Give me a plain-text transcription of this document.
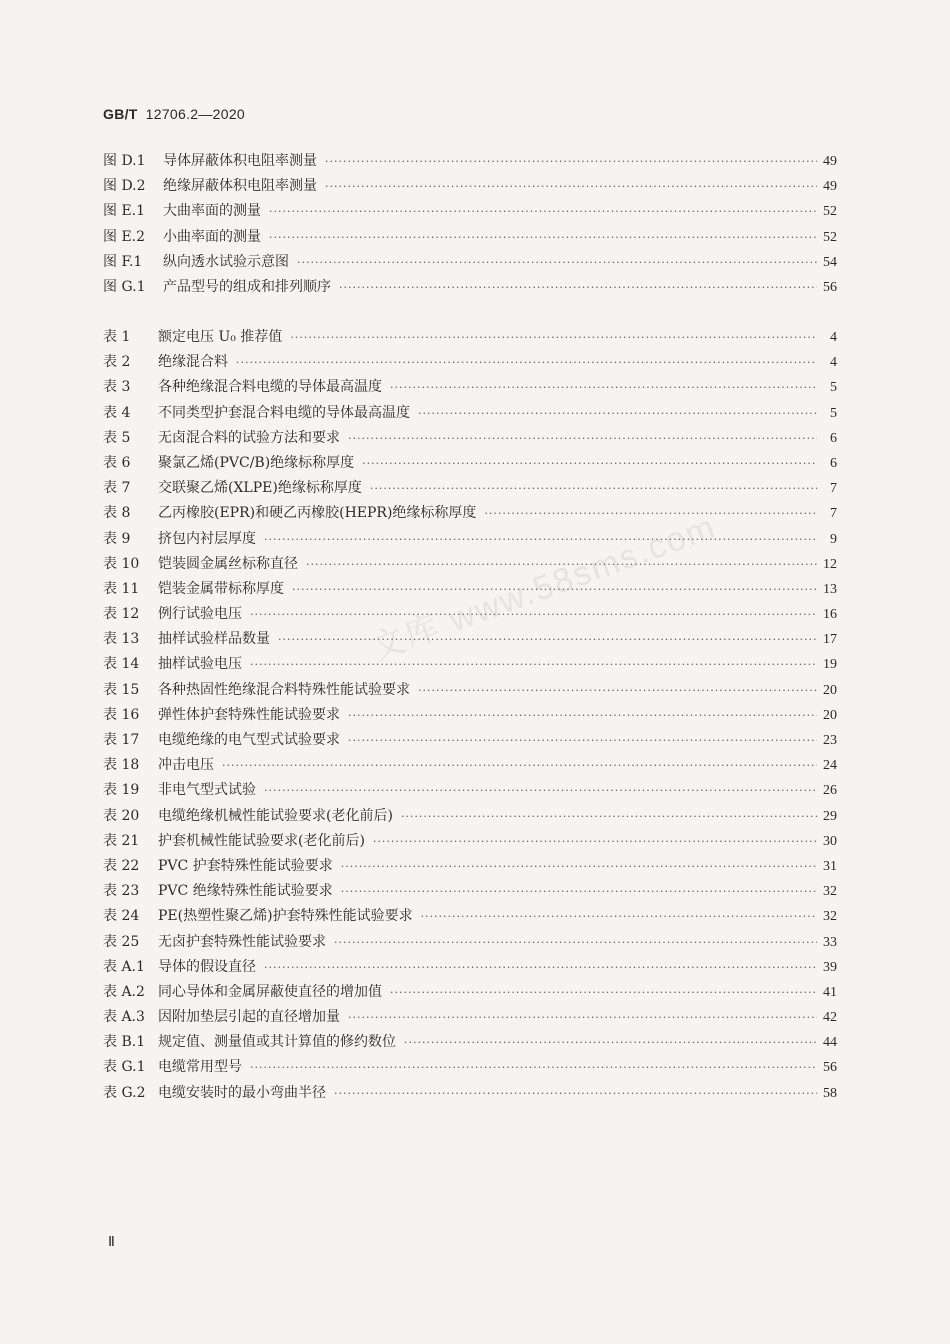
GB/T 12706.2—2020
图 D.1	导体屏蔽体积电阻率测量 ·····	49
图 D.2	绝缘屏蔽体积电阻率测量 ·····	49
图 E.1	大曲率面的测量 ·····	52
图 E.2	小曲率面的测量 ·····	52
图 F.1	纵向透水试验示意图 ·····	54
图 G.1	产品型号的组成和排列顺序 ·····	56
表 1	额定电压 U₀ 推荐值 ·····	4
表 2	绝缘混合料 ·····	4
表 3	各种绝缘混合料电缆的导体最高温度 ·····	5
表 4	不同类型护套混合料电缆的导体最高温度 ·····	5
表 5	无卤混合料的试验方法和要求 ·····	6
表 6	聚氯乙烯(PVC/B)绝缘标称厚度 ·····	6
表 7	交联聚乙烯(XLPE)绝缘标称厚度 ·····	7
表 8	乙丙橡胶(EPR)和硬乙丙橡胶(HEPR)绝缘标称厚度 ·····	7
表 9	挤包内衬层厚度 ·····	9
表 10	铠装圆金属丝标称直径 ·····	12
表 11	铠装金属带标称厚度 ·····	13
表 12	例行试验电压 ·····	16
表 13	抽样试验样品数量 ·····	17
表 14	抽样试验电压 ·····	19
表 15	各种热固性绝缘混合料特殊性能试验要求 ·····	20
表 16	弹性体护套特殊性能试验要求 ·····	20
表 17	电缆绝缘的电气型式试验要求 ·····	23
表 18	冲击电压 ·····	24
表 19	非电气型式试验 ·····	26
表 20	电缆绝缘机械性能试验要求(老化前后) ·····	29
表 21	护套机械性能试验要求(老化前后) ·····	30
表 22	PVC 护套特殊性能试验要求 ·····	31
表 23	PVC 绝缘特殊性能试验要求 ·····	32
表 24	PE(热塑性聚乙烯)护套特殊性能试验要求 ·····	32
表 25	无卤护套特殊性能试验要求 ·····	33
表 A.1 导体的假设直径 ·····	39
表 A.2 同心导体和金属屏蔽使直径的增加值 ·····	41
表 A.3 因附加垫层引起的直径增加量 ·····	42
表 B.1 规定值、测量值或其计算值的修约数位 ·····	44
表 G.1 电缆常用型号 ·····	56
表 G.2 电缆安装时的最小弯曲半径 ·····	58
文库 www.58sms.com
Ⅱ
